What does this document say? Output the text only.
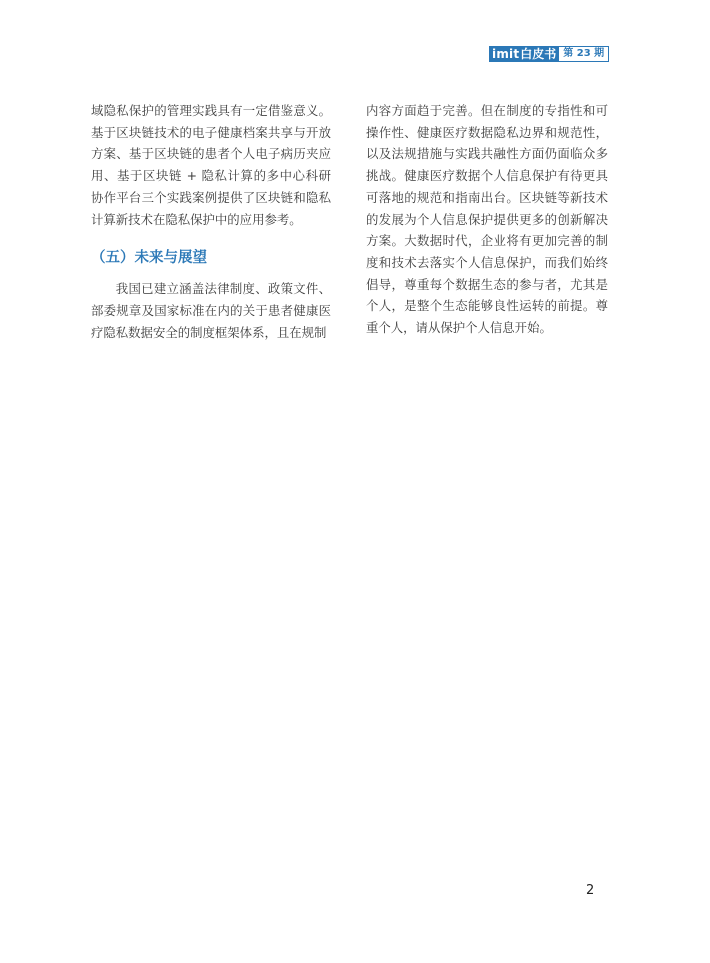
imit 白皮书 第 23 期

域隐私保护的管理实践具有一定借鉴意义。基于区块链技术的电子健康档案共享与开放方案、基于区块链的患者个人电子病历夹应用、基于区块链 + 隐私计算的多中心科研协作平台三个实践案例提供了区块链和隐私计算新技术在隐私保护中的应用参考。

（五）未来与展望

我国已建立涵盖法律制度、政策文件、部委规章及国家标准在内的关于患者健康医疗隐私数据安全的制度框架体系，且在规制

内容方面趋于完善。但在制度的专指性和可操作性、健康医疗数据隐私边界和规范性，以及法规措施与实践共融性方面仍面临众多挑战。健康医疗数据个人信息保护有待更具可落地的规范和指南出台。区块链等新技术的发展为个人信息保护提供更多的创新解决方案。大数据时代，企业将有更加完善的制度和技术去落实个人信息保护，而我们始终倡导，尊重每个数据生态的参与者，尤其是个人，是整个生态能够良性运转的前提。尊重个人，请从保护个人信息开始。

2
